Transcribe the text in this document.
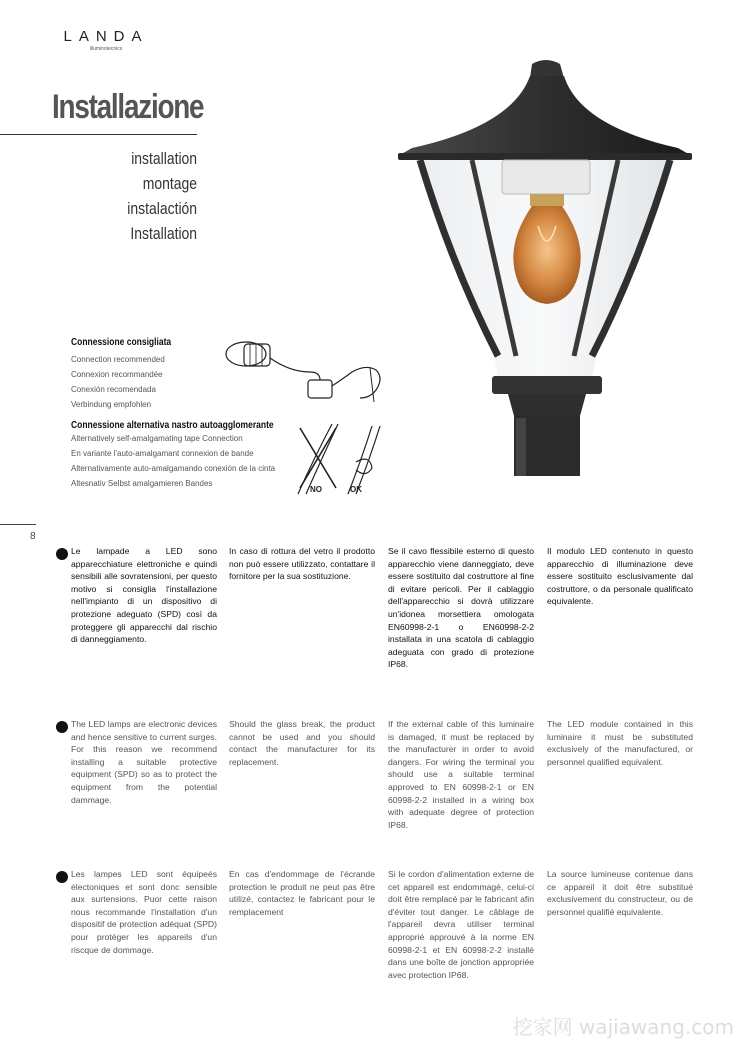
LANDA
illuminotecnics
Installazione
installation
montage
instalactión
Installation
Connessione consigliata
Connection recommended
Connexion recommandée
Conexión recomendada
Verbindung empfohlen
Connessione alternativa nastro autoagglomerante
Alternatively self-amalgamating tape Connection
En variante l'auto-amalgamant connexion de bande
Alternativamente auto-amalgamando conexión de la cinta
Altesnativ Selbst amalgamieren Bandes
NO	OK
8
Le lampade a LED sono apparecchiature elettroniche e quindi sensibili alle sovratensioni, per questo motivo si consiglia l'installazione nell'impianto di un dispositivo di protezione adeguato (SPD) così da proteggere gli apparecchi dal rischio di danneggiamento.
In caso di rottura del vetro il prodotto non può essere utilizzato, contattare il fornitore per la sua sostituzione.
Se il cavo flessibile esterno di questo apparecchio viene danneggiato, deve essere sostituito dal costruttore al fine di evitare pericoli. Per il cablaggio dell'apparecchio si dovrà utilizzare un'idonea morsettiera omologata EN60998-2-1 o EN60998-2-2 installata in una scatola di cablaggio adeguata con grado di protezione IP68.
Il modulo LED contenuto in questo apparecchio di illuminazione deve essere sostituito esclusivamente dal costruttore, o da personale qualificato equivalente.
The LED lamps are electronic devices and hence sensitive to current surges. For this reason we recommend installing a suitable protective equipment (SPD) so as to protect the equipment from the potential dammage.
Should the glass break, the product cannot be used and you should contact the manufacturer for its replacement.
If the external cable of this luminaire is damaged, it must be replaced by the manufacturer in order to avoid dangers. For wiring the terminal you should use a suitable terminal approved to EN 60998-2-1 or EN 60998-2-2 installed in a wiring box with adequate degree of protection IP68.
The LED module contained in this luminaire it must be substituted exclusively of the manufactured, or personnel qualified equivalent.
Les lampes LED sont équipeés électoniques et sont donc sensible aux surtensions. Puor cette raison nous recommande l'installation d'un dispositif de protection adéquat (SPD) pour protéger les appareils d'un riscque de dommage.
En cas d'endommage de l'écrande protection le produit ne peut pas être utilizé, contactez le fabricant pour le remplacement
Si le cordon d'alimentation externe de cet appareil est endommagé, celui-ci doit être remplacé par le fabricant afin d'éviter tout danger. Le câblage de l'appareil devra utiliser terminal approprié approuvé à la norme EN 60998-2-1 et EN 60998-2-2 installé dans une boîte de jonction appropriée avec protection IP68.
La source lumineuse contenue dans ce appareil it doit être substitué exclusivement du constructeur, ou de personnel qualifié equivalente.
挖家网 wajiawang.com
